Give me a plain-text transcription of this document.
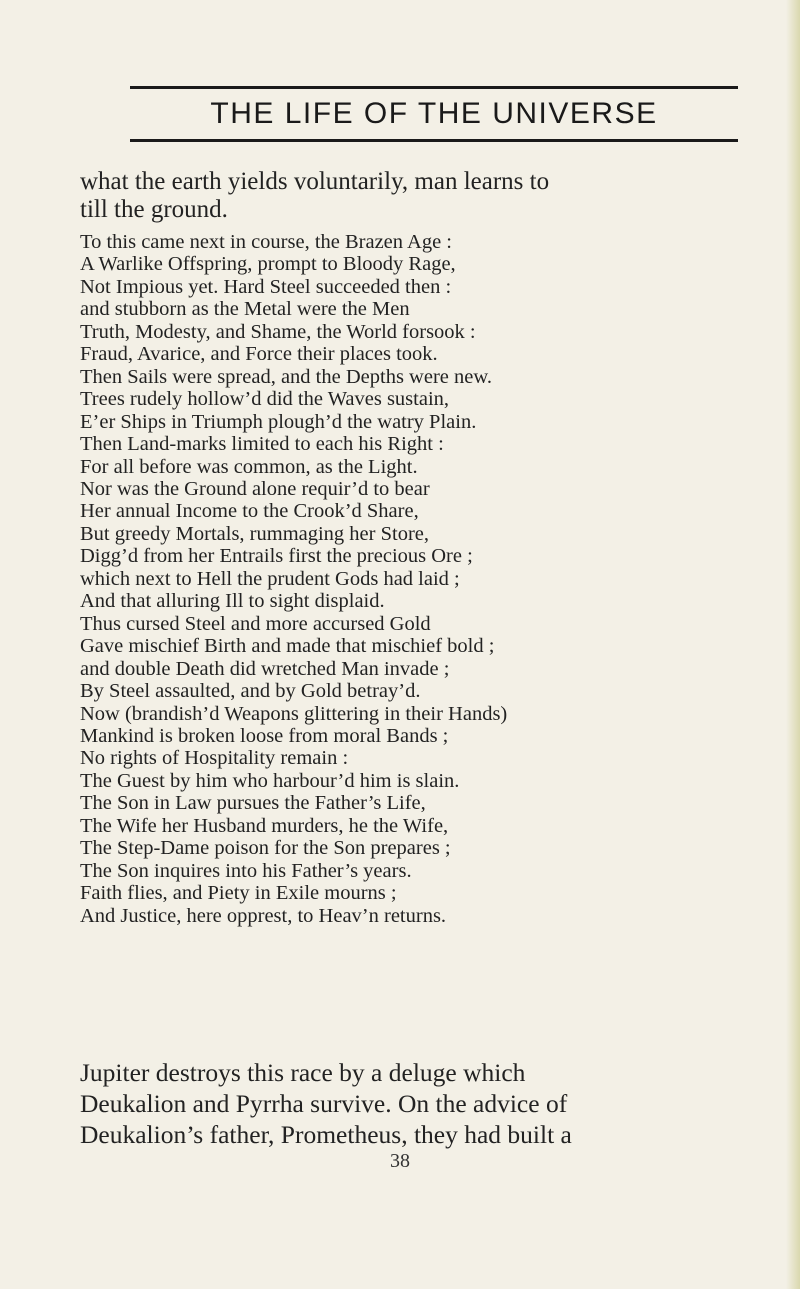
THE LIFE OF THE UNIVERSE

what the earth yields voluntarily, man learns to
till the ground.

To this came next in course, the Brazen Age :
A Warlike Offspring, prompt to Bloody Rage,
Not Impious yet. Hard Steel succeeded then :
and stubborn as the Metal were the Men
Truth, Modesty, and Shame, the World forsook :
Fraud, Avarice, and Force their places took.
Then Sails were spread, and the Depths were new.
Trees rudely hollow’d did the Waves sustain,
E’er Ships in Triumph plough’d the watry Plain.
Then Land-marks limited to each his Right :
For all before was common, as the Light.
Nor was the Ground alone requir’d to bear
Her annual Income to the Crook’d Share,
But greedy Mortals, rummaging her Store,
Digg’d from her Entrails first the precious Ore ;
which next to Hell the prudent Gods had laid ;
And that alluring Ill to sight displaid.
Thus cursed Steel and more accursed Gold
Gave mischief Birth and made that mischief bold ;
and double Death did wretched Man invade ;
By Steel assaulted, and by Gold betray’d.
Now (brandish’d Weapons glittering in their Hands)
Mankind is broken loose from moral Bands ;
No rights of Hospitality remain :
The Guest by him who harbour’d him is slain.
The Son in Law pursues the Father’s Life,
The Wife her Husband murders, he the Wife,
The Step-Dame poison for the Son prepares ;
The Son inquires into his Father’s years.
Faith flies, and Piety in Exile mourns ;
And Justice, here opprest, to Heav’n returns.

Jupiter destroys this race by a deluge which
Deukalion and Pyrrha survive. On the advice of
Deukalion’s father, Prometheus, they had built a

38
